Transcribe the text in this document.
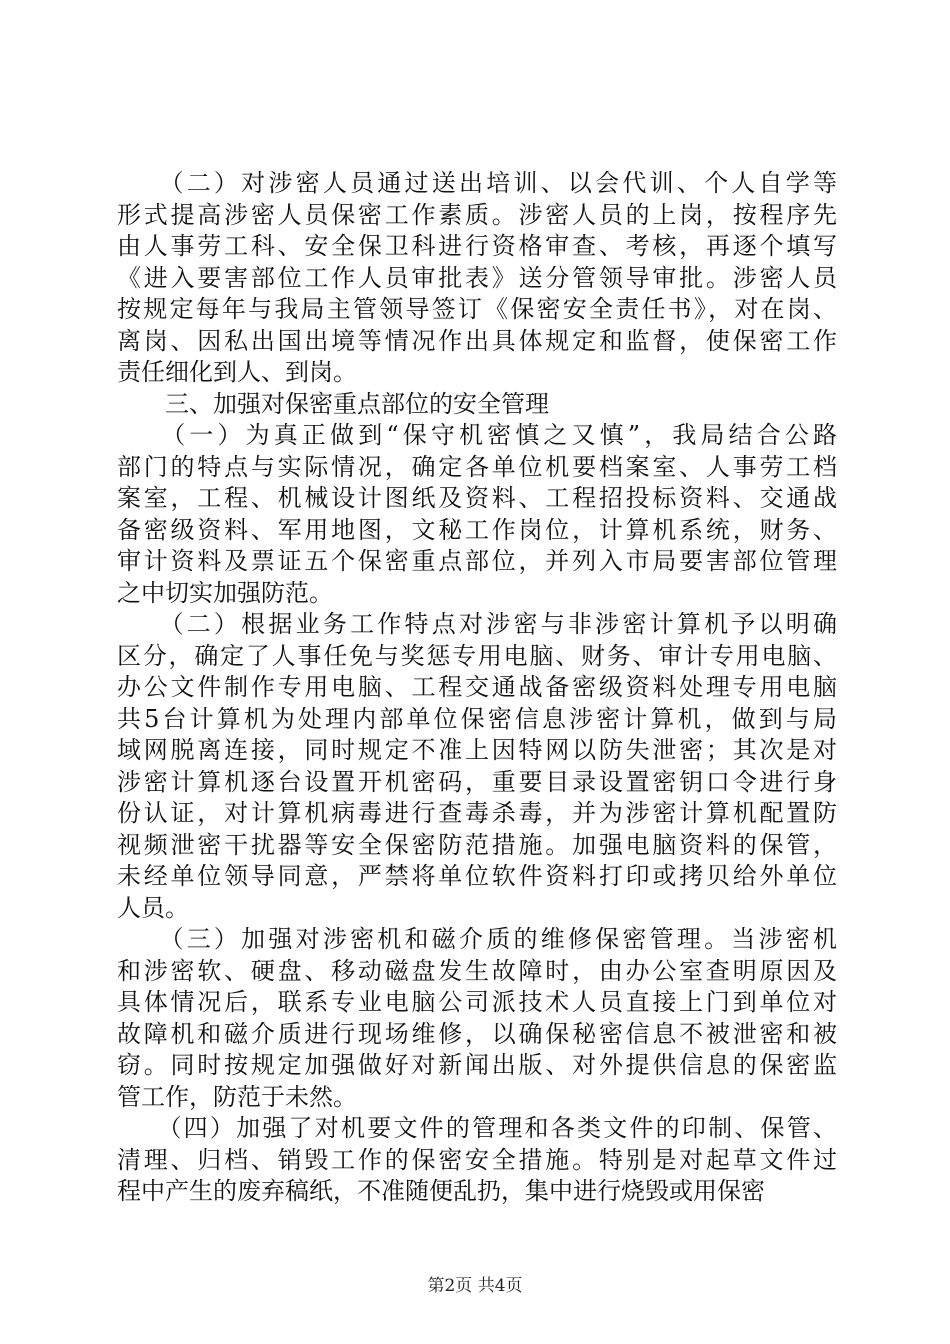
　　（二）对涉密人员通过送出培训、以会代训、个人自学等
形式提高涉密人员保密工作素质。涉密人员的上岗，按程序先
由人事劳工科、安全保卫科进行资格审查、考核，再逐个填写
《进入要害部位工作人员审批表》送分管领导审批。涉密人员
按规定每年与我局主管领导签订《保密安全责任书》，对在岗、
离岗、因私出国出境等情况作出具体规定和监督，使保密工作
责任细化到人、到岗。
　　三、加强对保密重点部位的安全管理
　　（一）为真正做到“保守机密慎之又慎”，我局结合公路
部门的特点与实际情况，确定各单位机要档案室、人事劳工档
案室，工程、机械设计图纸及资料、工程招投标资料、交通战
备密级资料、军用地图，文秘工作岗位，计算机系统，财务、
审计资料及票证五个保密重点部位，并列入市局要害部位管理
之中切实加强防范。
　　（二）根据业务工作特点对涉密与非涉密计算机予以明确
区分，确定了人事任免与奖惩专用电脑、财务、审计专用电脑、
办公文件制作专用电脑、工程交通战备密级资料处理专用电脑
共5台计算机为处理内部单位保密信息涉密计算机，做到与局
域网脱离连接，同时规定不准上因特网以防失泄密；其次是对
涉密计算机逐台设置开机密码，重要目录设置密钥口令进行身
份认证，对计算机病毒进行查毒杀毒，并为涉密计算机配置防
视频泄密干扰器等安全保密防范措施。加强电脑资料的保管，
未经单位领导同意，严禁将单位软件资料打印或拷贝给外单位
人员。
　　（三）加强对涉密机和磁介质的维修保密管理。当涉密机
和涉密软、硬盘、移动磁盘发生故障时，由办公室查明原因及
具体情况后，联系专业电脑公司派技术人员直接上门到单位对
故障机和磁介质进行现场维修，以确保秘密信息不被泄密和被
窃。同时按规定加强做好对新闻出版、对外提供信息的保密监
管工作，防范于未然。
　　（四）加强了对机要文件的管理和各类文件的印制、保管、
清理、归档、销毁工作的保密安全措施。特别是对起草文件过
程中产生的废弃稿纸，不准随便乱扔，集中进行烧毁或用保密
第2页 共4页
